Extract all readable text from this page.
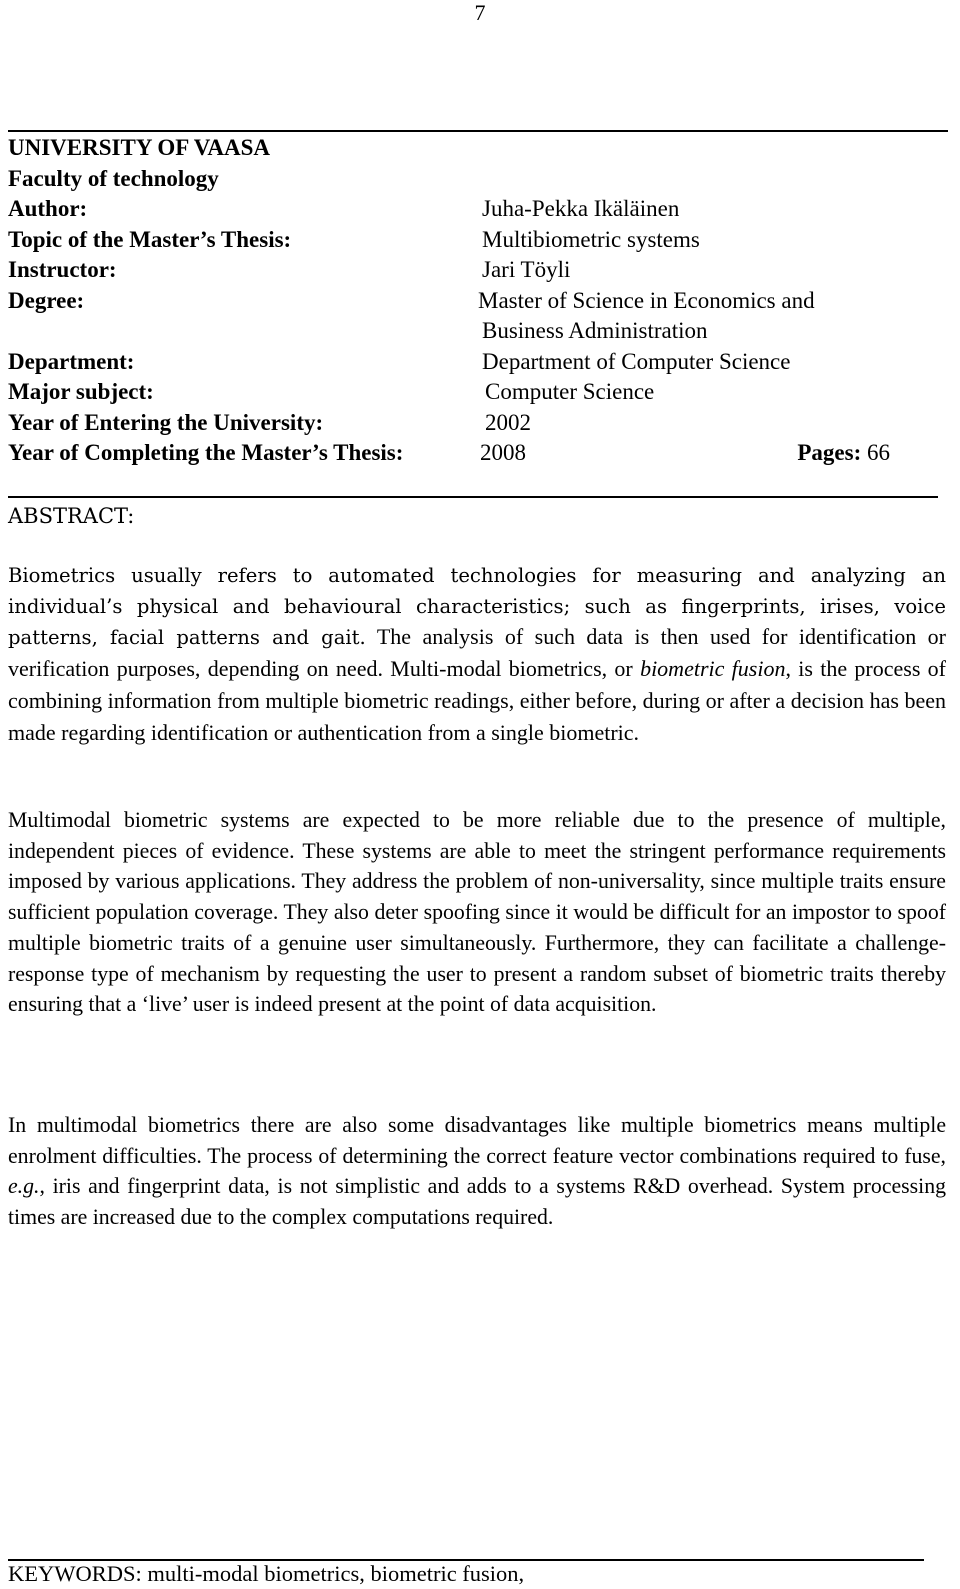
7
UNIVERSITY OF VAASA
Faculty of technology
Author:	Juha-Pekka Ikäläinen
Topic of the Master’s Thesis:	Multibiometric systems
Instructor:	Jari Töyli
Degree:	Master of Science in Economics and
Business Administration
Department:	Department of Computer Science
Major subject:	Computer Science
Year of Entering the University:	2002
Year of Completing the Master’s Thesis:	2008	Pages: 66
ABSTRACT:

Biometrics usually refers to automated technologies for measuring and analyzing an individual’s physical and behavioural characteristics; such as fingerprints, irises, voice patterns, facial patterns and gait. The analysis of such data is then used for identification or verification purposes, depending on need. Multi-modal biometrics, or biometric fusion, is the process of combining information from multiple biometric readings, either before, during or after a decision has been made regarding identification or authentication from a single biometric.

Multimodal biometric systems are expected to be more reliable due to the presence of multiple, independent pieces of evidence. These systems are able to meet the stringent performance requirements imposed by various applications. They address the problem of non-universality, since multiple traits ensure sufficient population coverage. They also deter spoofing since it would be difficult for an impostor to spoof multiple biometric traits of a genuine user simultaneously. Furthermore, they can facilitate a challenge-response type of mechanism by requesting the user to present a random subset of biometric traits thereby ensuring that a ‘live’ user is indeed present at the point of data acquisition.

In multimodal biometrics there are also some disadvantages like multiple biometrics means multiple enrolment difficulties. The process of determining the correct feature vector combinations required to fuse, e.g., iris and fingerprint data, is not simplistic and adds to a systems R&D overhead. System processing times are increased due to the complex computations required.

KEYWORDS: multi-modal biometrics, biometric fusion,
